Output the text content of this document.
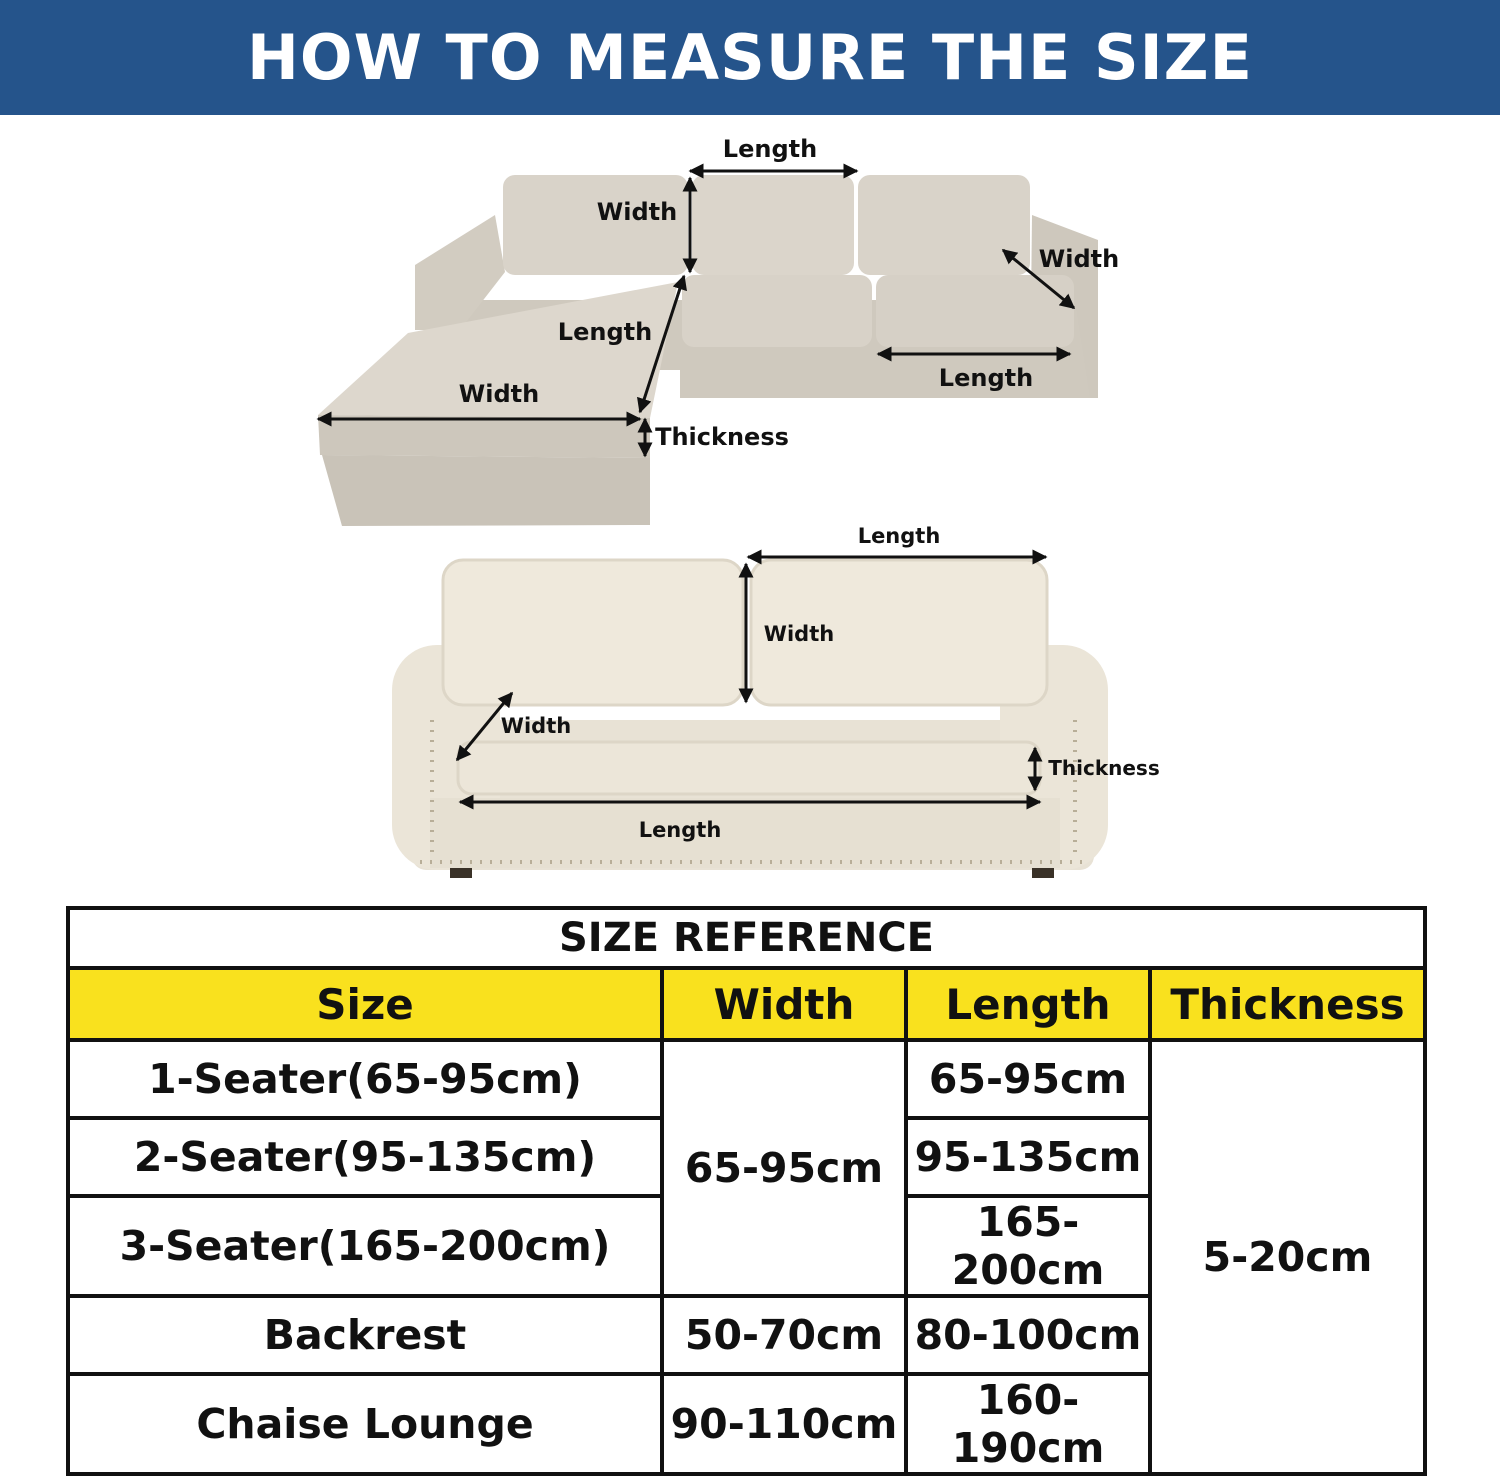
HOW TO MEASURE THE SIZE
Length
Width
Width
Length
Length
Width
Thickness
Length
Width
Width
Thickness
Length
SIZE REFERENCE			
Size	Width	Length	Thickness
1-Seater(65-95cm)	65-95cm	65-95cm	5-20cm
2-Seater(95-135cm)		95-135cm	
3-Seater(165-200cm)		165-200cm	
Backrest	50-70cm	80-100cm	
Chaise Lounge	90-110cm	160-190cm	
